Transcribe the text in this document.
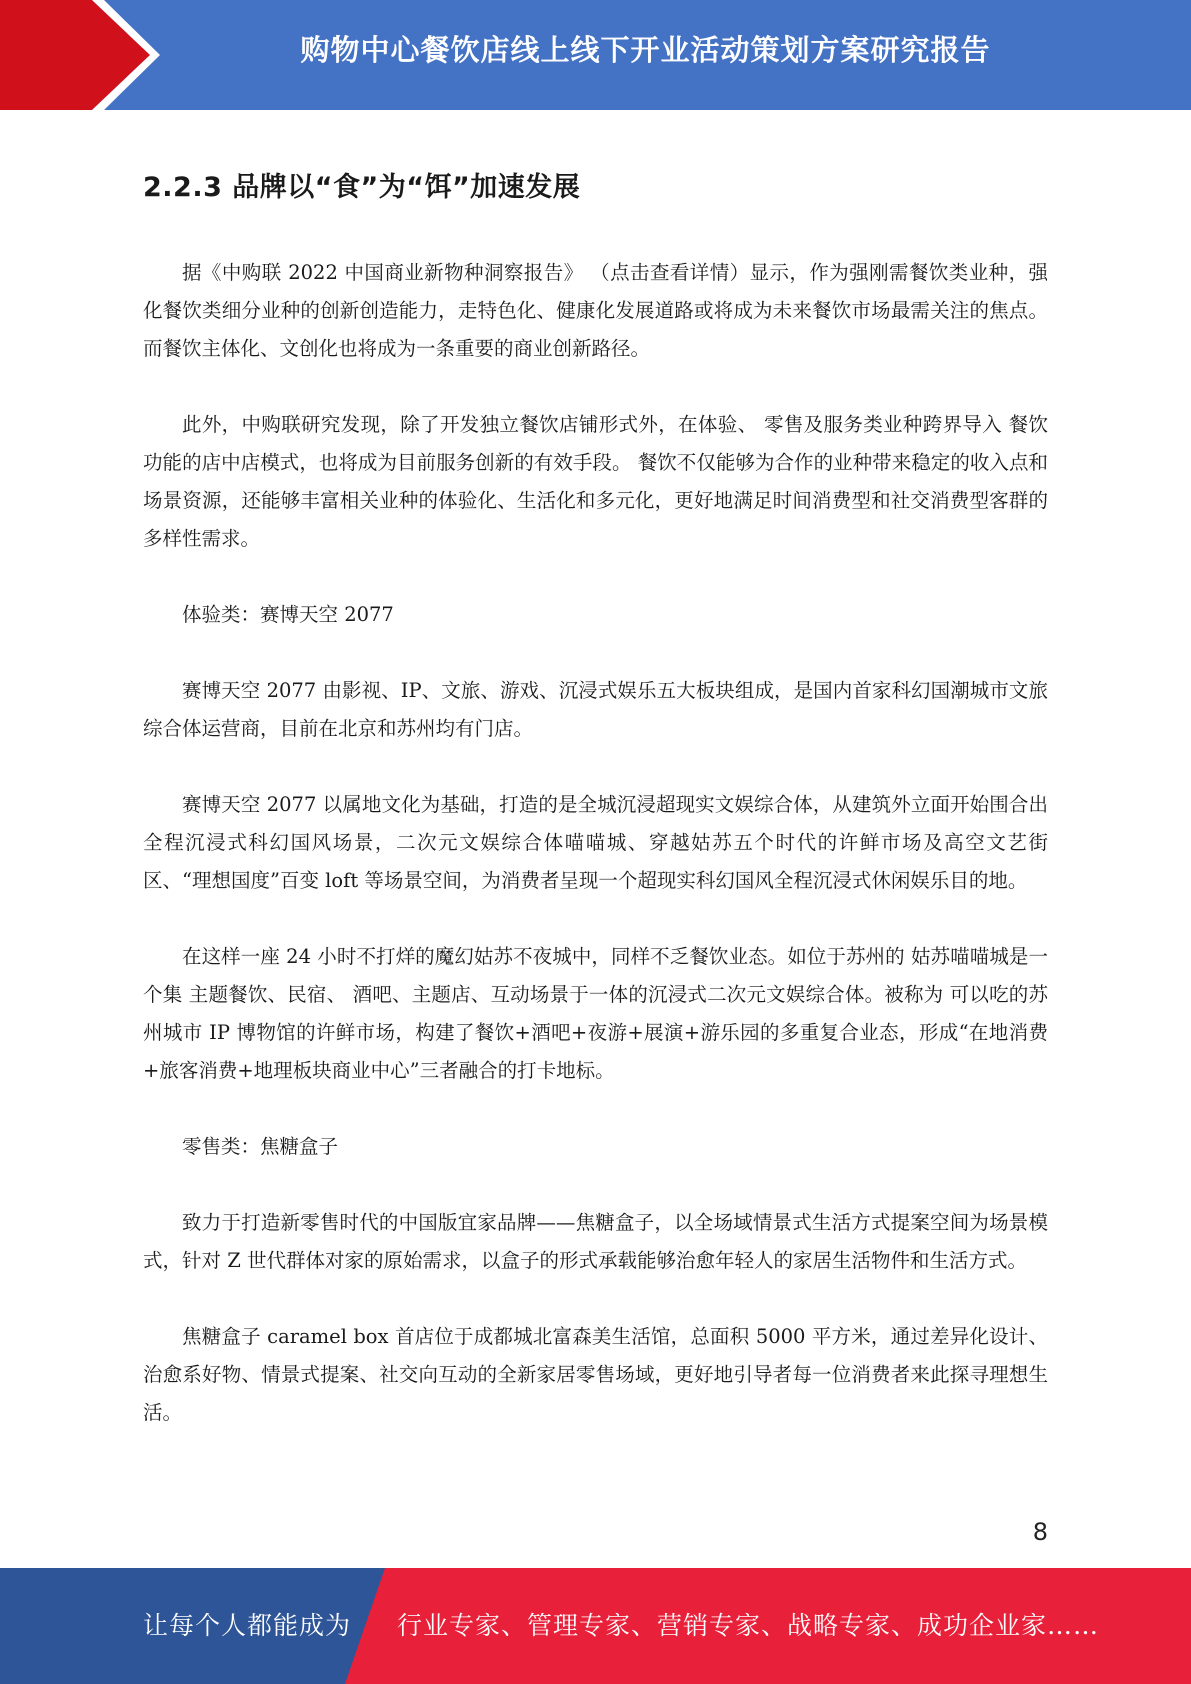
购物中心餐饮店线上线下开业活动策划方案研究报告
2.2.3 品牌以“食”为“饵”加速发展

据《中购联 2022 中国商业新物种洞察报告》 （点击查看详情）显示，作为强刚需餐饮类业种，强化餐饮类细分业种的创新创造能力，走特色化、健康化发展道路或将成为未来餐饮市场最需关注的焦点。而餐饮主体化、文创化也将成为一条重要的商业创新路径。

此外，中购联研究发现，除了开发独立餐饮店铺形式外，在体验、 零售及服务类业种跨界导入 餐饮功能的店中店模式，也将成为目前服务创新的有效手段。 餐饮不仅能够为合作的业种带来稳定的收入点和场景资源，还能够丰富相关业种的体验化、生活化和多元化，更好地满足时间消费型和社交消费型客群的多样性需求。

体验类：赛博天空 2077

赛博天空 2077 由影视、IP、文旅、游戏、沉浸式娱乐五大板块组成，是国内首家科幻国潮城市文旅综合体运营商，目前在北京和苏州均有门店。

赛博天空 2077 以属地文化为基础，打造的是全城沉浸超现实文娱综合体，从建筑外立面开始围合出全程沉浸式科幻国风场景，二次元文娱综合体喵喵城、穿越姑苏五个时代的许鲜市场及高空文艺街区、“理想国度”百变 loft 等场景空间，为消费者呈现一个超现实科幻国风全程沉浸式休闲娱乐目的地。

在这样一座 24 小时不打烊的魔幻姑苏不夜城中，同样不乏餐饮业态。如位于苏州的 姑苏喵喵城是一个集 主题餐饮、民宿、 酒吧、主题店、互动场景于一体的沉浸式二次元文娱综合体。被称为 可以吃的苏州城市 IP 博物馆的许鲜市场，构建了餐饮+酒吧+夜游+展演+游乐园的多重复合业态，形成“在地消费+旅客消费+地理板块商业中心”三者融合的打卡地标。

零售类：焦糖盒子

致力于打造新零售时代的中国版宜家品牌——焦糖盒子，以全场域情景式生活方式提案空间为场景模式，针对 Z 世代群体对家的原始需求，以盒子的形式承载能够治愈年轻人的家居生活物件和生活方式。

焦糖盒子 caramel box 首店位于成都城北富森美生活馆，总面积 5000 平方米，通过差异化设计、治愈系好物、情景式提案、社交向互动的全新家居零售场域，更好地引导者每一位消费者来此探寻理想生活。

8
让每个人都能成为 行业专家、管理专家、营销专家、战略专家、成功企业家……
